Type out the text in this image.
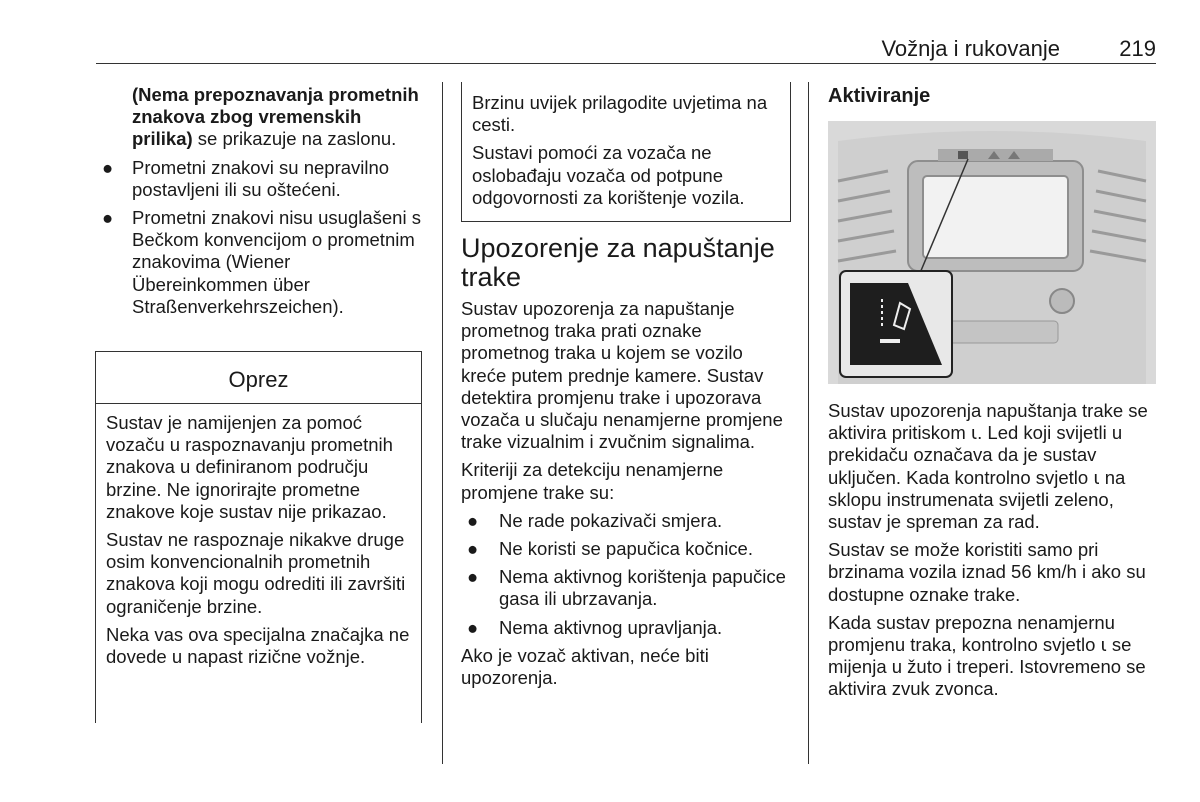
Vožnja i rukovanje	219

(Nema prepoznavanja prometnih znakova zbog vremenskih prilika) se prikazuje na zaslonu.

● Prometni znakovi su nepravilno postavljeni ili su oštećeni.
● Prometni znakovi nisu usuglašeni s Bečkom konvencijom o prometnim znakovima (Wiener Übereinkommen über Straßenverkehrszeichen).
Oprez

Sustav je namijenjen za pomoć vozaču u raspoznavanju prometnih znakova u definiranom području brzine. Ne ignorirajte prometne znakove koje sustav nije prikazao.

Sustav ne raspoznaje nikakve druge osim konvencionalnih prometnih znakova koji mogu odrediti ili završiti ograničenje brzine.

Neka vas ova specijalna značajka ne dovede u napast rizične vožnje.

Brzinu uvijek prilagodite uvjetima na cesti.

Sustavi pomoći za vozača ne oslobađaju vozača od potpune odgovornosti za korištenje vozila.

Upozorenje za napuštanje trake

Sustav upozorenja za napuštanje prometnog traka prati oznake prometnog traka u kojem se vozilo kreće putem prednje kamere. Sustav detektira promjenu trake i upozorava vozača u slučaju nenamjerne promjene trake vizualnim i zvučnim signalima.

Kriteriji za detekciju nenamjerne promjene trake su:

● Ne rade pokazivači smjera.
● Ne koristi se papučica kočnice.
● Nema aktivnog korištenja papučice gasa ili ubrzavanja.
● Nema aktivnog upravljanja.

Ako je vozač aktivan, neće biti upozorenja.

Aktiviranje

Sustav upozorenja napuštanja trake se aktivira pritiskom ⍳. Led koji svijetli u prekidaču označava da je sustav uključen. Kada kontrolno svjetlo ⍳ na sklopu instrumenata svijetli zeleno, sustav je spreman za rad.

Sustav se može koristiti samo pri brzinama vozila iznad 56 km/h i ako su dostupne oznake trake.

Kada sustav prepozna nenamjernu promjenu traka, kontrolno svjetlo ⍳ se mijenja u žuto i treperi. Istovremeno se aktivira zvuk zvonca.
